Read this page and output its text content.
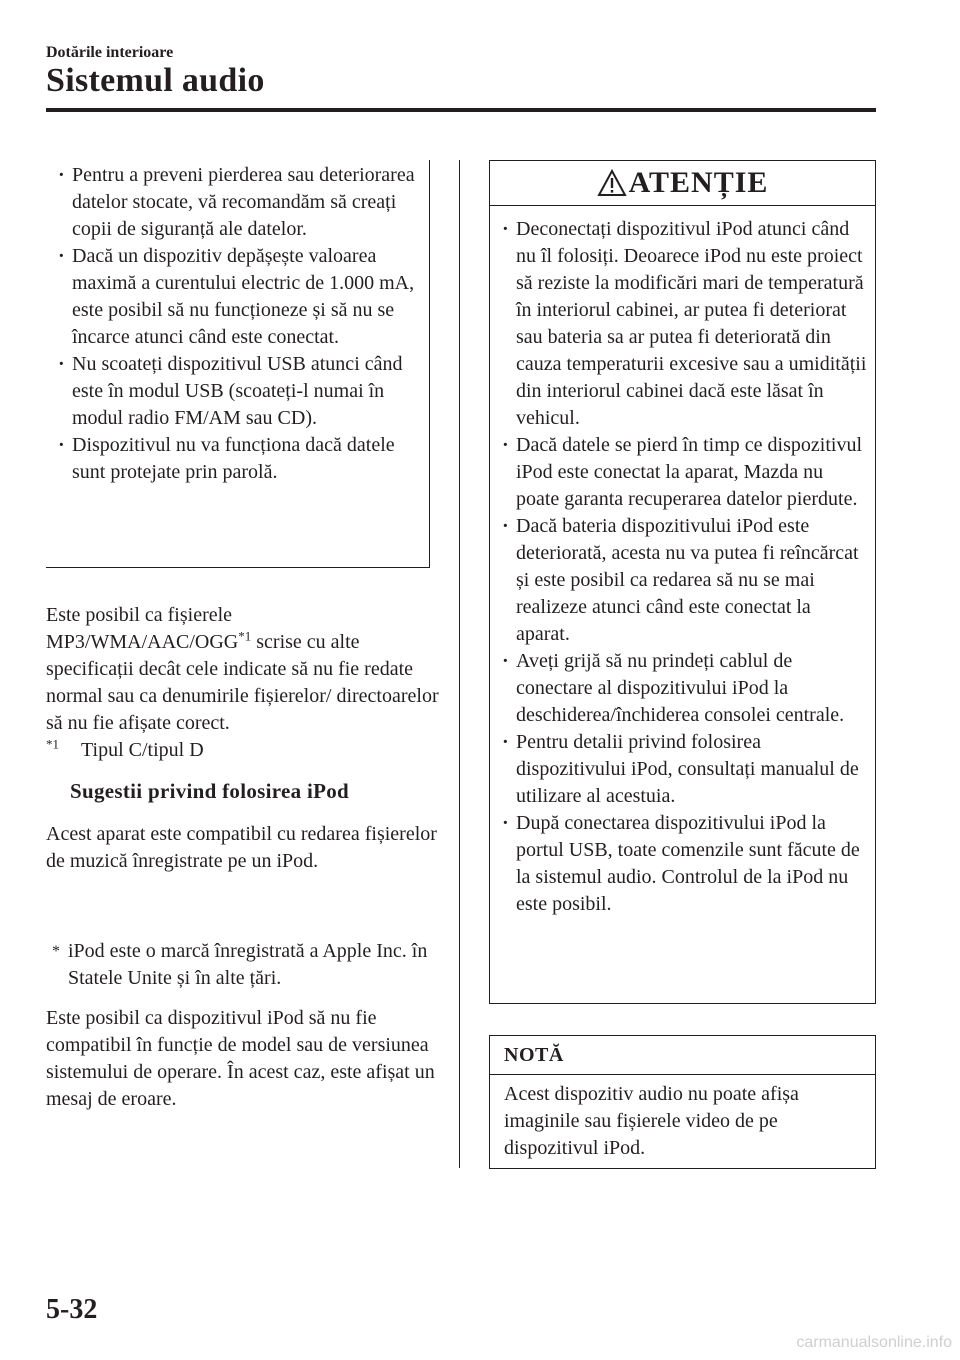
Dotările interioare
Sistemul audio
· Pentru a preveni pierderea sau deteriorarea datelor stocate, vă recomandăm să creați copii de siguranță ale datelor.
· Dacă un dispozitiv depășește valoarea maximă a curentului electric de 1.000 mA, este posibil să nu funcționeze și să nu se încarce atunci când este conectat.
· Nu scoateți dispozitivul USB atunci când este în modul USB (scoateți-l numai în modul radio FM/AM sau CD).
· Dispozitivul nu va funcționa dacă datele sunt protejate prin parolă.

Este posibil ca fișierele MP3/WMA/AAC/OGG$^{*1}$ scrise cu alte specificații decât cele indicate să nu fie redate normal sau ca denumirile fișierelor/ directoarelor să nu fie afișate corect.

$^{*1}$ Tipul C/tipul D
Sugestii privind folosirea iPod

Acest aparat este compatibil cu redarea fișierelor de muzică înregistrate pe un iPod.

* iPod este o marcă înregistrată a Apple Inc. în Statele Unite și în alte țări.

Este posibil ca dispozitivul iPod să nu fie compatibil în funcție de model sau de versiunea sistemului de operare. În acest caz, este afișat un mesaj de eroare.

ATENȚIE
· Deconectați dispozitivul iPod atunci când nu îl folosiți. Deoarece iPod nu este proiect să reziste la modificări mari de temperatură în interiorul cabinei, ar putea fi deteriorat sau bateria sa ar putea fi deteriorată din cauza temperaturii excesive sau a umidității din interiorul cabinei dacă este lăsat în vehicul.
· Dacă datele se pierd în timp ce dispozitivul iPod este conectat la aparat, Mazda nu poate garanta recuperarea datelor pierdute.
· Dacă bateria dispozitivului iPod este deteriorată, acesta nu va putea fi reîncărcat și este posibil ca redarea să nu se mai realizeze atunci când este conectat la aparat.
· Aveți grijă să nu prindeți cablul de conectare al dispozitivului iPod la deschiderea/închiderea consolei centrale.
· Pentru detalii privind folosirea dispozitivului iPod, consultați manualul de utilizare al acestuia.
· După conectarea dispozitivului iPod la portul USB, toate comenzile sunt făcute de la sistemul audio. Controlul de la iPod nu este posibil.
NOTĂ
Acest dispozitiv audio nu poate afișa imaginile sau fișierele video de pe dispozitivul iPod.
5-32
carmanualsonline.info
